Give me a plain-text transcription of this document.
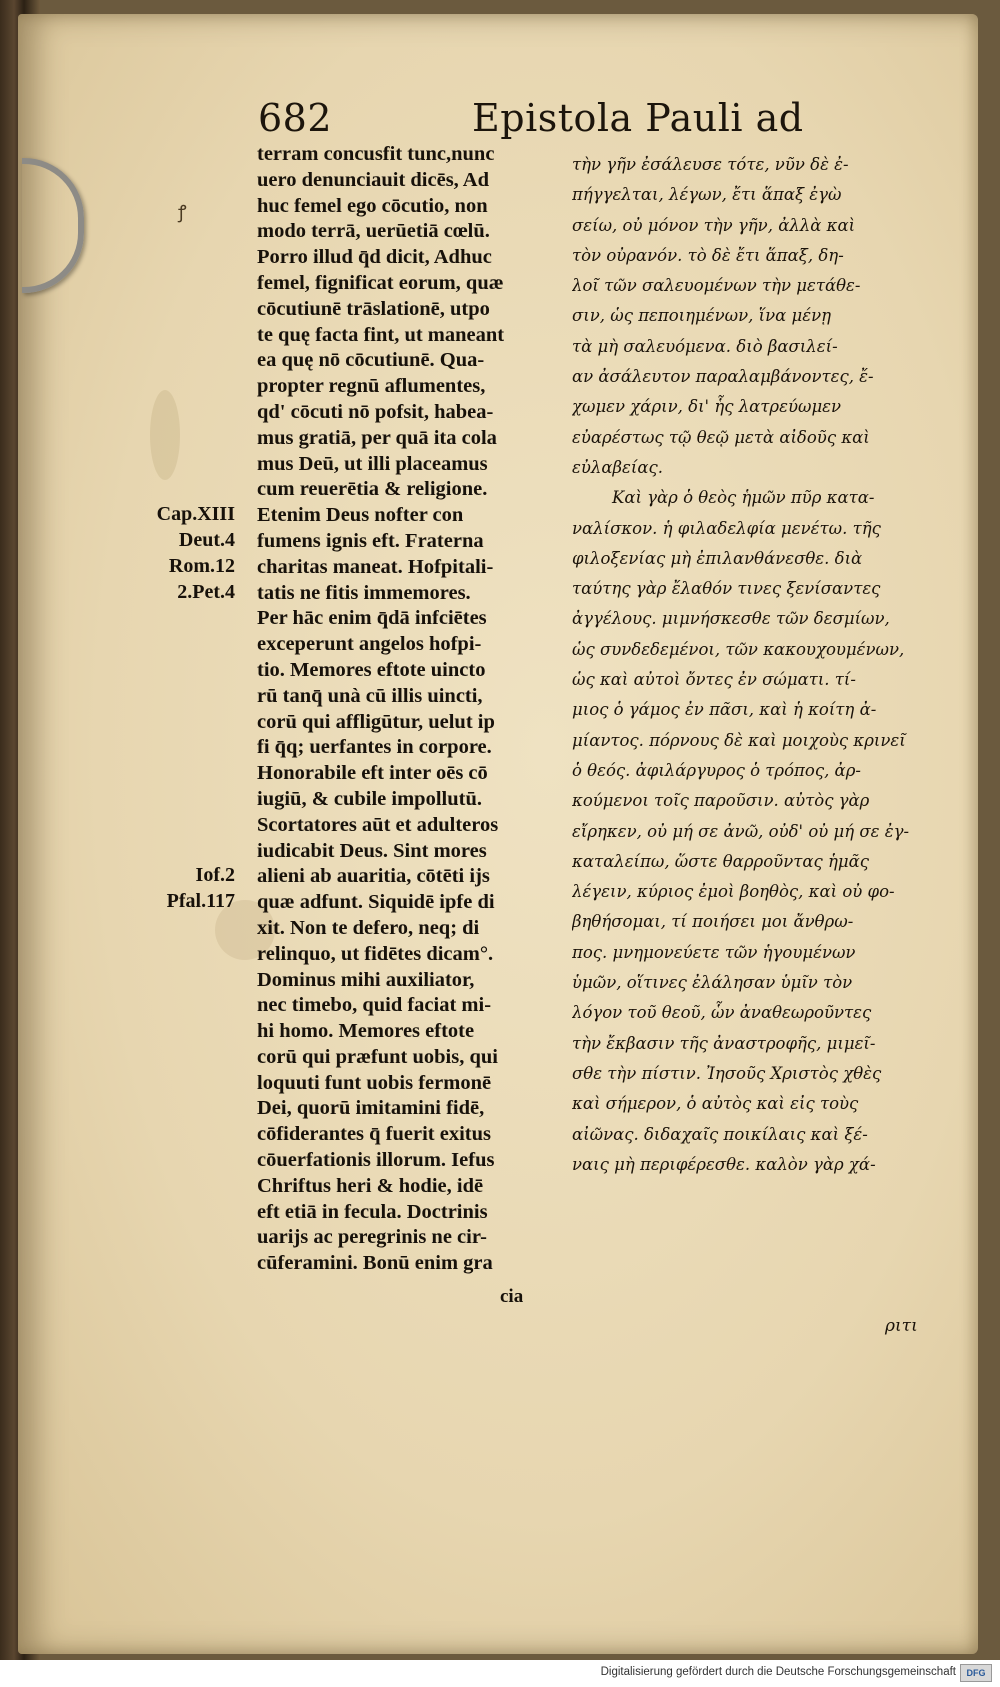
ꝭ
682	Epistola Pauli ad
terram concusfit tunc,nunc
uero denunciauit dicēs, Ad
huc femel ego cōcutio, non
modo terrā, uerūetiā cœlū.
Porro illud q̄d dicit, Adhuc
femel, fignificat eorum, quæ
cōcutiunē trāslationē, utpo
te quę facta fint, ut maneant
ea quę nō cōcutiunē. Qua-
propter regnū aflumentes,
qd' cōcuti nō pofsit, habea-
mus gratiā, per quā ita cola
mus Deū, ut illi placeamus
cum reuerētia & religione.
Etenim Deus nofter con
fumens ignis eft. Fraterna
charitas maneat. Hofpitali-
tatis ne fitis immemores.
Per hāc enim q̄dā infciētes
exceperunt angelos hofpi-
tio. Memores eftote uincto
rū tanq̄ unà cū illis uincti,
corū qui affligūtur, uelut ip
fi q̄q; uerfantes in corpore.
Honorabile eft inter oēs cō
iugiū, & cubile impollutū.
Scortatores aūt et adulteros
iudicabit Deus. Sint mores
alieni ab auaritia, cōtēti ijs
quæ adfunt. Siquidē ipfe di
xit. Non te defero, neq; di
relinquo, ut fidētes dicam°.
Dominus mihi auxiliator,
nec timebo, quid faciat mi-
hi homo. Memores eftote
corū qui præfunt uobis, qui
loquuti funt uobis fermonē
Dei, quorū imitamini fidē,
cōfiderantes q̄ fuerit exitus
cōuerfationis illorum. Iefus
Chriftus heri & hodie, idē
eft etiā in fecula. Doctrinis
uarijs ac peregrinis ne cir-
cūferamini. Bonū enim gra
τὴν γῆν ἐσάλευσε τότε, νῦν δὲ ἐ-
πήγγελται, λέγων, ἔτι ἅπαξ ἐγὼ
σείω, οὐ μόνον τὴν γῆν, ἀλλὰ καὶ
τὸν οὐρανόν. τὸ δὲ ἔτι ἅπαξ, δη-
λοῖ τῶν σαλευομένων τὴν μετάθε-
σιν, ὡς πεποιημένων, ἵνα μένῃ
τὰ μὴ σαλευόμενα. διὸ βασιλεί-
αν ἀσάλευτον παραλαμβάνοντες, ἔ-
χωμεν χάριν, δι' ἧς λατρεύωμεν
εὐαρέστως τῷ θεῷ μετὰ αἰδοῦς καὶ
εὐλαβείας.
Καὶ γὰρ ὁ θεὸς ἡμῶν πῦρ κατα-
ναλίσκον. ἡ φιλαδελφία μενέτω. τῆς
φιλοξενίας μὴ ἐπιλανθάνεσθε. διὰ
ταύτης γὰρ ἔλαθόν τινες ξενίσαντες
ἀγγέλους. μιμνήσκεσθε τῶν δεσμίων,
ὡς συνδεδεμένοι, τῶν κακουχουμένων,
ὡς καὶ αὐτοὶ ὄντες ἐν σώματι. τί-
μιος ὁ γάμος ἐν πᾶσι, καὶ ἡ κοίτη ἀ-
μίαντος. πόρνους δὲ καὶ μοιχοὺς κρινεῖ
ὁ θεός. ἀφιλάργυρος ὁ τρόπος, ἀρ-
κούμενοι τοῖς παροῦσιν. αὐτὸς γὰρ
εἴρηκεν, οὐ μή σε ἀνῶ, οὐδ' οὐ μή σε ἐγ-
καταλείπω, ὥστε θαρροῦντας ἡμᾶς
λέγειν, κύριος ἐμοὶ βοηθὸς, καὶ οὐ φο-
βηθήσομαι, τί ποιήσει μοι ἄνθρω-
πος. μνημονεύετε τῶν ἡγουμένων
ὑμῶν, οἵτινες ἐλάλησαν ὑμῖν τὸν
λόγον τοῦ θεοῦ, ὧν ἀναθεωροῦντες
τὴν ἔκβασιν τῆς ἀναστροφῆς, μιμεῖ-
σθε τὴν πίστιν. Ἰησοῦς Χριστὸς χθὲς
καὶ σήμερον, ὁ αὐτὸς καὶ εἰς τοὺς
αἰῶνας. διδαχαῖς ποικίλαις καὶ ξέ-
ναις μὴ περιφέρεσθε. καλὸν γὰρ χά-
Cap.XIII
Deut.4
Rom.12
2.Pet.4
Iof.2
Pfal.117
cia
ριτι
Digitalisierung gefördert durch die Deutsche Forschungsgemeinschaft	DFG
